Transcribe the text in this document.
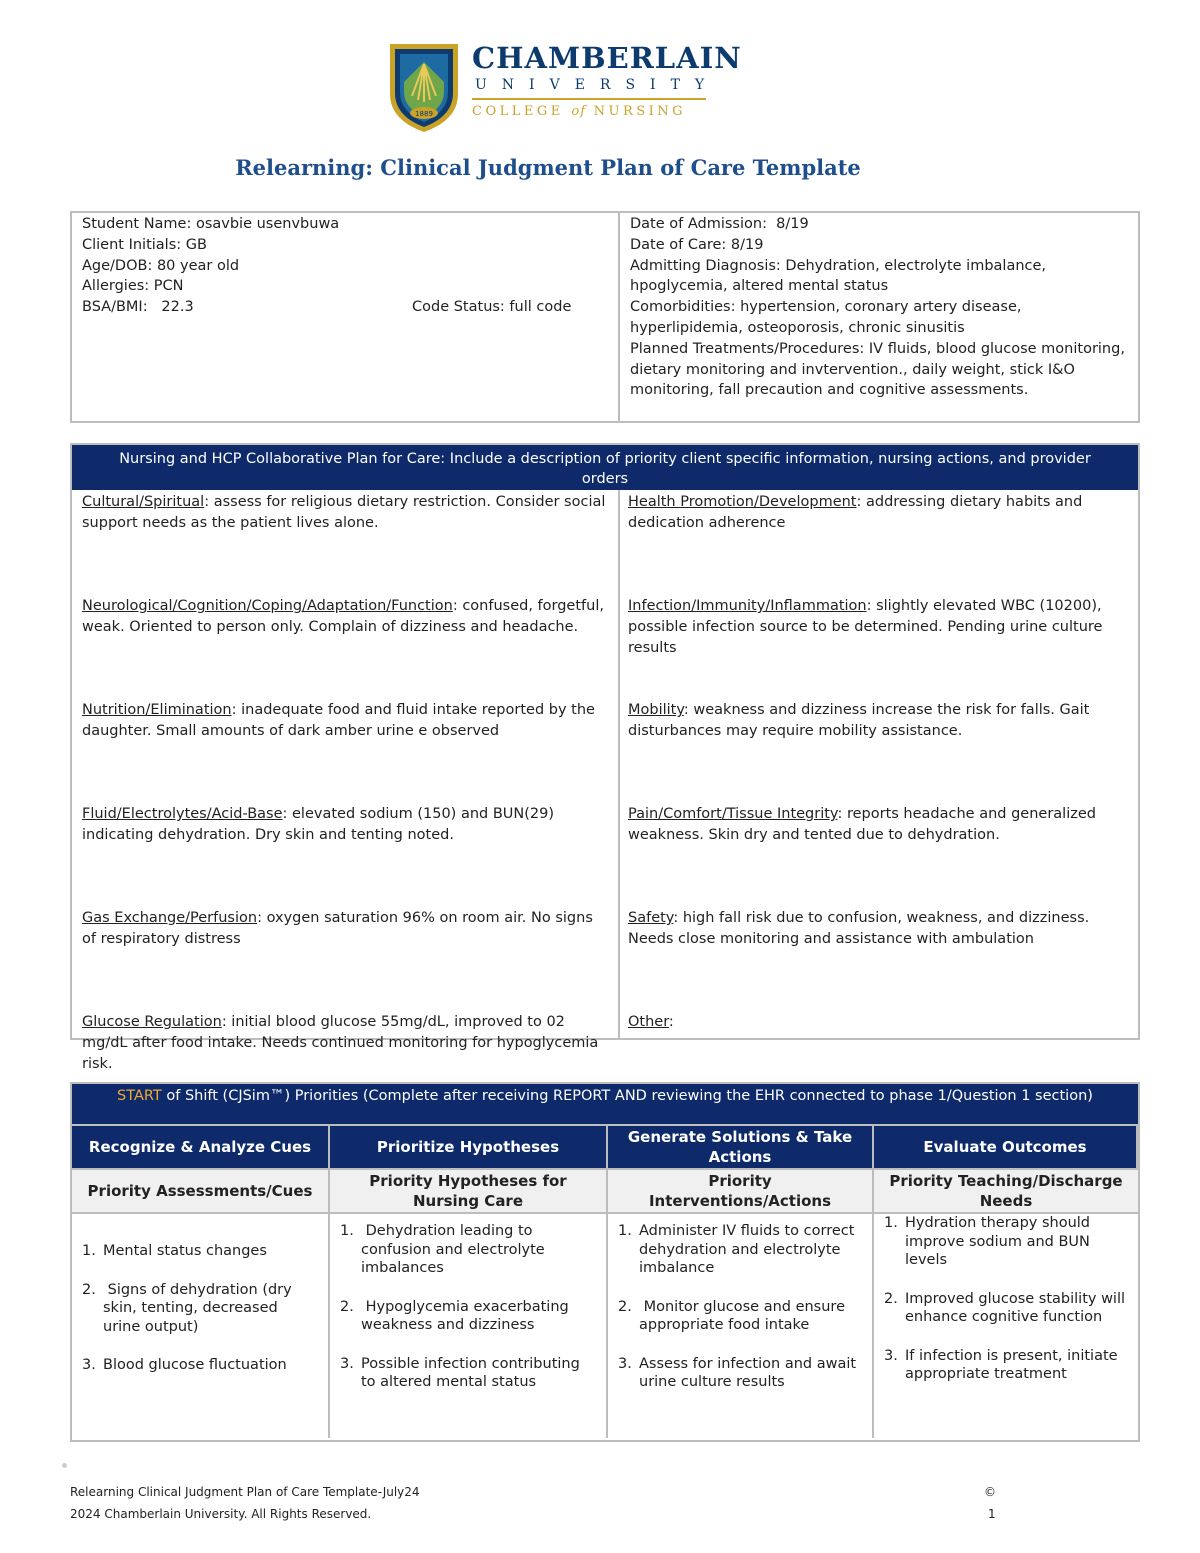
1889
CHAMBERLAIN
UNIVERSITY
COLLEGE of NURSING
Relearning: Clinical Judgment Plan of Care Template
Student Name: osavbie usenvbuwa
Client Initials: GB
Age/DOB: 80 year old
Allergies: PCN
BSA/BMI:   22.3	Code Status: full code
Date of Admission:  8/19
Date of Care: 8/19
Admitting Diagnosis: Dehydration, electrolyte imbalance, hpoglycemia, altered mental status
Comorbidities: hypertension, coronary artery disease, hyperlipidemia, osteoporosis, chronic sinusitis
Planned Treatments/Procedures: IV fluids, blood glucose monitoring, dietary monitoring and invtervention., daily weight, stick I&O monitoring, fall precaution and cognitive assessments.
Nursing and HCP Collaborative Plan for Care: Include a description of priority client specific information, nursing actions, and provider orders
Cultural/Spiritual: assess for religious dietary restriction. Consider social support needs as the patient lives alone.
Neurological/Cognition/Coping/Adaptation/Function: confused, forgetful, weak. Oriented to person only. Complain of dizziness and headache.
Nutrition/Elimination: inadequate food and fluid intake reported by the daughter. Small amounts of dark amber urine e observed
Fluid/Electrolytes/Acid-Base: elevated sodium (150) and BUN(29) indicating dehydration. Dry skin and tenting noted.
Gas Exchange/Perfusion: oxygen saturation 96% on room air. No signs of respiratory distress
Glucose Regulation: initial blood glucose 55mg/dL, improved to 02 mg/dL after food intake. Needs continued monitoring for hypoglycemia risk.
Health Promotion/Development: addressing dietary habits and dedication adherence
Infection/Immunity/Inflammation: slightly elevated WBC (10200), possible infection source to be determined. Pending urine culture results
Mobility: weakness and dizziness increase the risk for falls. Gait disturbances may require mobility assistance.
Pain/Comfort/Tissue Integrity: reports headache and generalized weakness. Skin dry and tented due to dehydration.
Safety: high fall risk due to confusion, weakness, and dizziness. Needs close monitoring and assistance with ambulation
Other:
START of Shift (CJSim™) Priorities (Complete after receiving REPORT AND reviewing the EHR connected to phase 1/Question 1 section)
Recognize & Analyze Cues	Prioritize Hypotheses
Generate Solutions & Take Actions
Evaluate Outcomes
Priority Assessments/Cues
Priority Hypotheses for Nursing Care
Priority Interventions/Actions
Priority Teaching/Discharge Needs
1. Mental status changes
2. Signs of dehydration (dry skin, tenting, decreased urine output)
3. Blood glucose fluctuation
1. Dehydration leading to confusion and electrolyte imbalances
2. Hypoglycemia exacerbating weakness and dizziness
3. Possible infection contributing to altered mental status
1. Administer IV fluids to correct dehydration and electrolyte imbalance
2. Monitor glucose and ensure appropriate food intake
3. Assess for infection and await urine culture results
1. Hydration therapy should improve sodium and BUN levels
2. Improved glucose stability will enhance cognitive function
3. If infection is present, initiate appropriate treatment
Relearning Clinical Judgment Plan of Care Template-July24
2024 Chamberlain University. All Rights Reserved.
©
1
